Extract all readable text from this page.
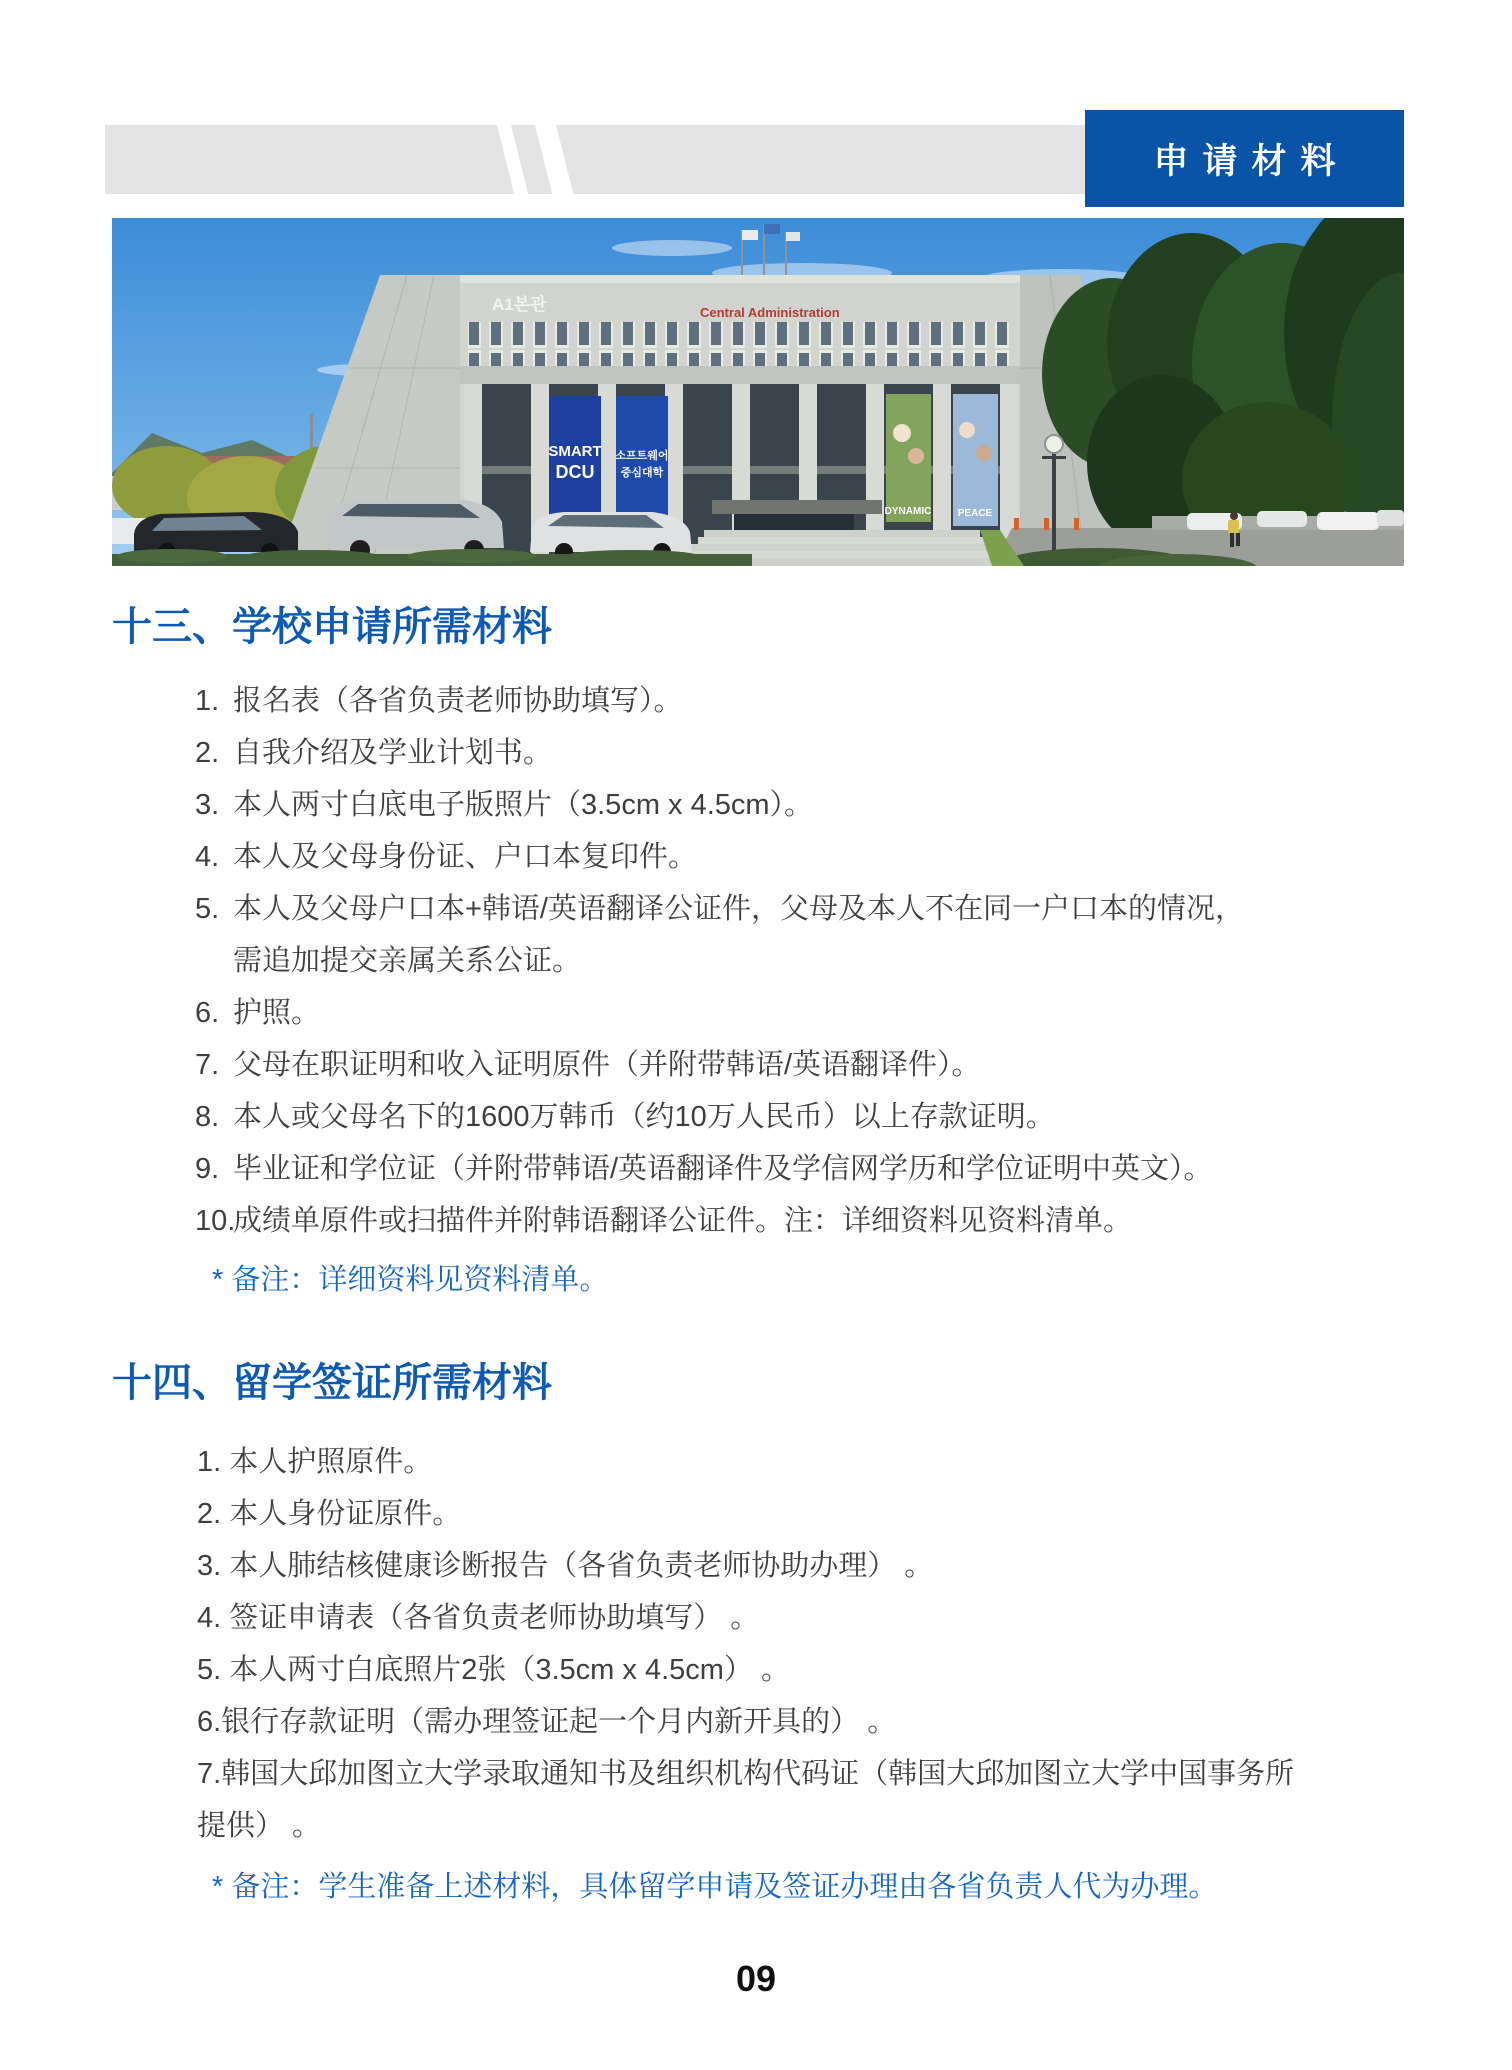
申请材料
A1본관	Central Administration
SMART
DCU
소프트웨어
중심대학
DYNAMIC	PEACE
十三、学校申请所需材料
1. 报名表（各省负责老师协助填写）。
2. 自我介绍及学业计划书。
3. 本人两寸白底电子版照片（3.5cm x 4.5cm）。
4. 本人及父母身份证、户口本复印件。
5. 本人及父母户口本+韩语/英语翻译公证件，父母及本人不在同一户口本的情况，需追加提交亲属关系公证。
6. 护照。
7. 父母在职证明和收入证明原件（并附带韩语/英语翻译件）。
8. 本人或父母名下的1600万韩币（约10万人民币）以上存款证明。
9. 毕业证和学位证（并附带韩语/英语翻译件及学信网学历和学位证明中英文）。
10.
成绩单原件或扫描件并附韩语翻译公证件。注：详细资料见资料清单。
* 备注：详细资料见资料清单。
十四、留学签证所需材料
1. 本人护照原件。
2. 本人身份证原件。
3. 本人肺结核健康诊断报告（各省负责老师协助办理） 。
4. 签证申请表（各省负责老师协助填写） 。
5. 本人两寸白底照片2张（3.5cm x 4.5cm） 。
6.银行存款证明（需办理签证起一个月内新开具的） 。
7.韩国大邱加图立大学录取通知书及组织机构代码证（韩国大邱加图立大学中国事务所提供） 。
* 备注：学生准备上述材料，具体留学申请及签证办理由各省负责人代为办理。
09
